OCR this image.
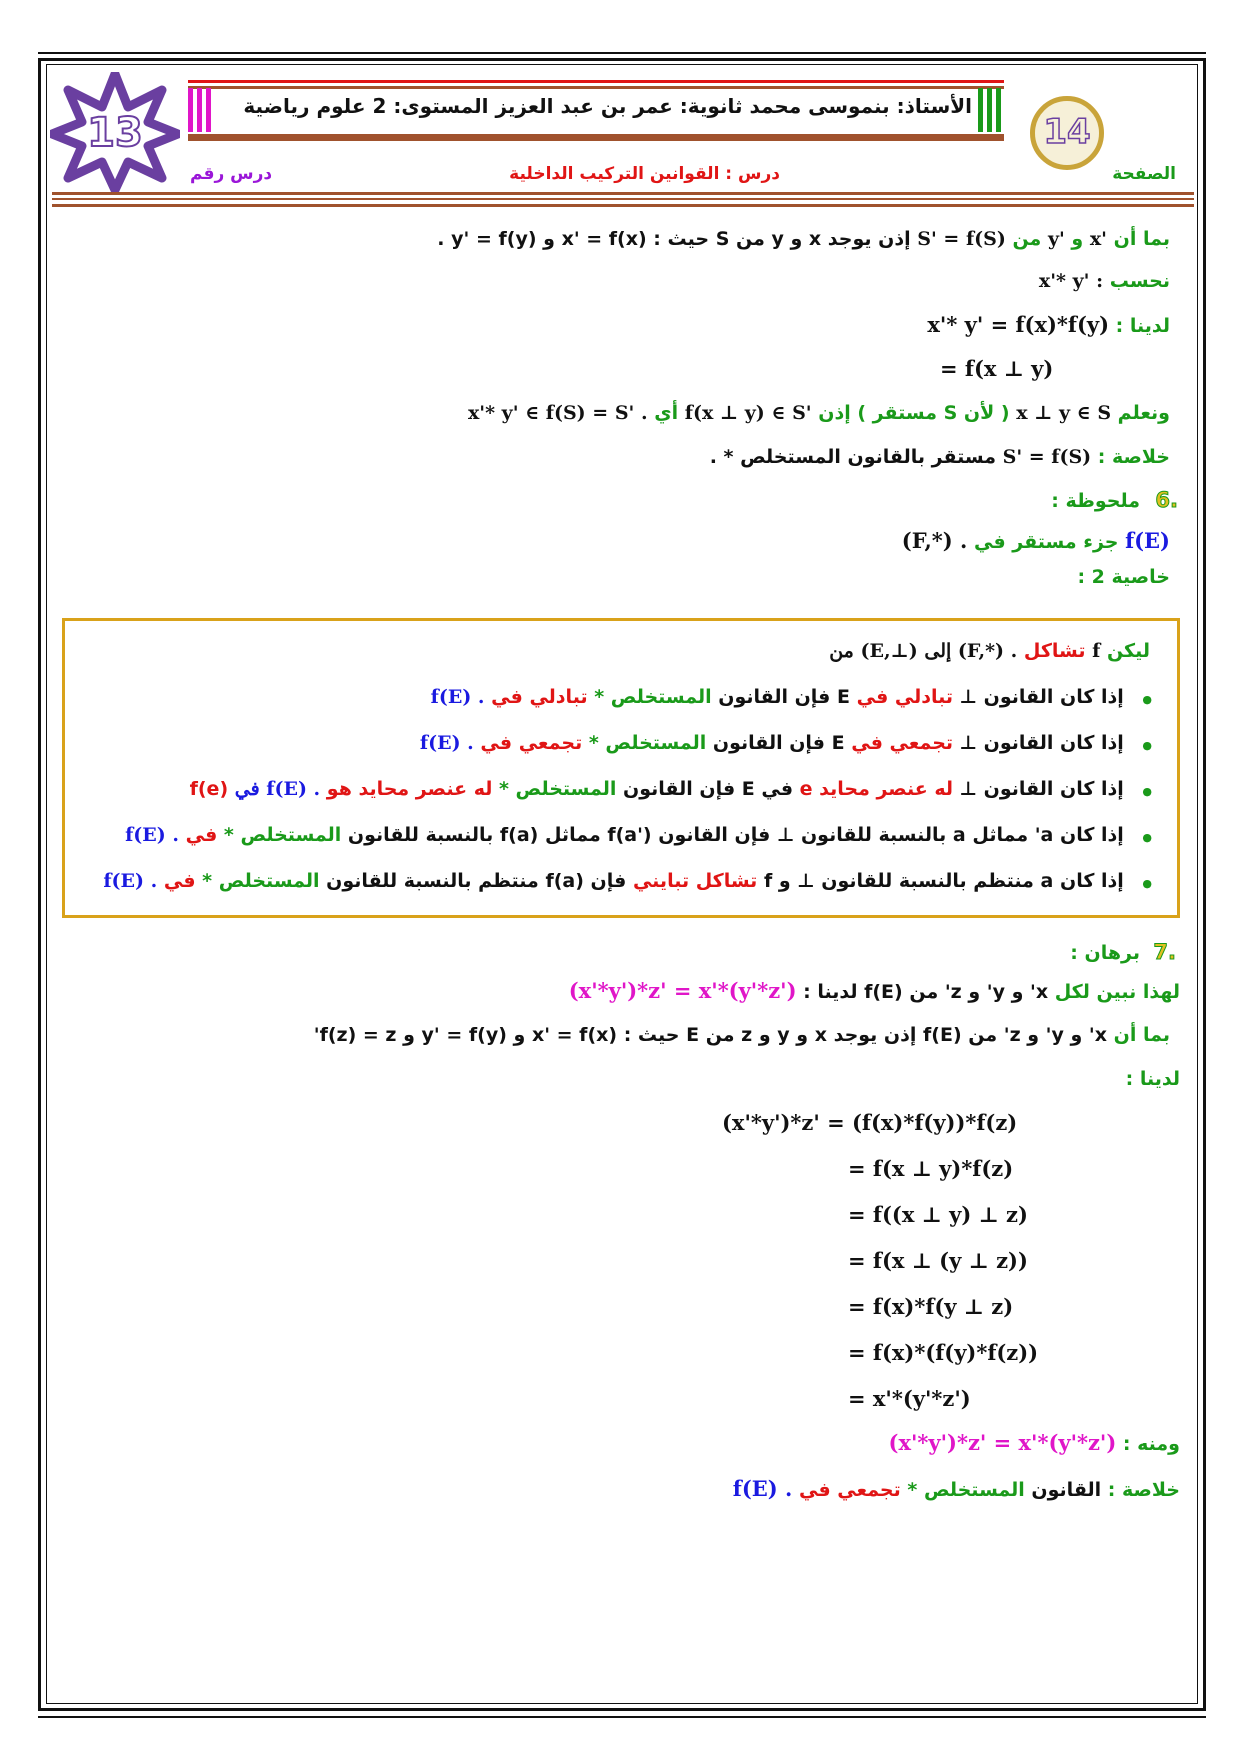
13	14
الأستاذ: بنموسى محمد ثانوية: عمر بن عبد العزيز المستوى: 2 علوم رياضية
الصفحة
درس : القوانين التركيب الداخلية
درس رقم
بما أن x' و y' من S' = f(S) إذن يوجد x و y من S حيث : x' = f(x) و y' = f(y) .
نحسب x'* y' :
لدينا : x'* y' = f(x)*f(y)
= f(x ⊥ y)
ونعلم x ⊥ y ∈ S ( لأن S مستقر ) إذن f(x ⊥ y) ∈ S' أي x'* y' ∈ f(S) = S' .
خلاصة : S' = f(S) مستقر بالقانون المستخلص * .
6.
ملحوظة :
f(E) جزء مستقر في (F,*) .
خاصية 2 :
ليكن f تشاكل من (E,⊥) إلى (F,*) .
● إذا كان القانون ⊥ تبادلي في E فإن القانون المستخلص * تبادلي في f(E) .
● إذا كان القانون ⊥ تجمعي في E فإن القانون المستخلص * تجمعي في f(E) .
● إذا كان القانون ⊥ له عنصر محايد e في E فإن القانون المستخلص * له عنصر محايد هو f(e) في f(E) .
● إذا كان a' مماثل a بالنسبة للقانون ⊥ فإن القانون f(a') مماثل f(a) بالنسبة للقانون المستخلص * في f(E) .
● إذا كان a منتظم بالنسبة للقانون ⊥ و f تشاكل تبايني فإن f(a) منتظم بالنسبة للقانون المستخلص * في f(E) .
7.
برهان :
لهذا نبين لكل x' و y' و z' من f(E) لدينا : (x'*y')*z' = x'*(y'*z')
بما أن x' و y' و z' من f(E) إذن يوجد x و y و z من E حيث : x' = f(x) و y' = f(y) و f(z) = z'
لدينا :
(x'*y')*z' = (f(x)*f(y))*f(z)
= f(x ⊥ y)*f(z)
= f((x ⊥ y) ⊥ z)
= f(x ⊥ (y ⊥ z))
= f(x)*f(y ⊥ z)
= f(x)*(f(y)*f(z))
= x'*(y'*z')
ومنه : (x'*y')*z' = x'*(y'*z')
خلاصة : القانون المستخلص * تجمعي في f(E) .
